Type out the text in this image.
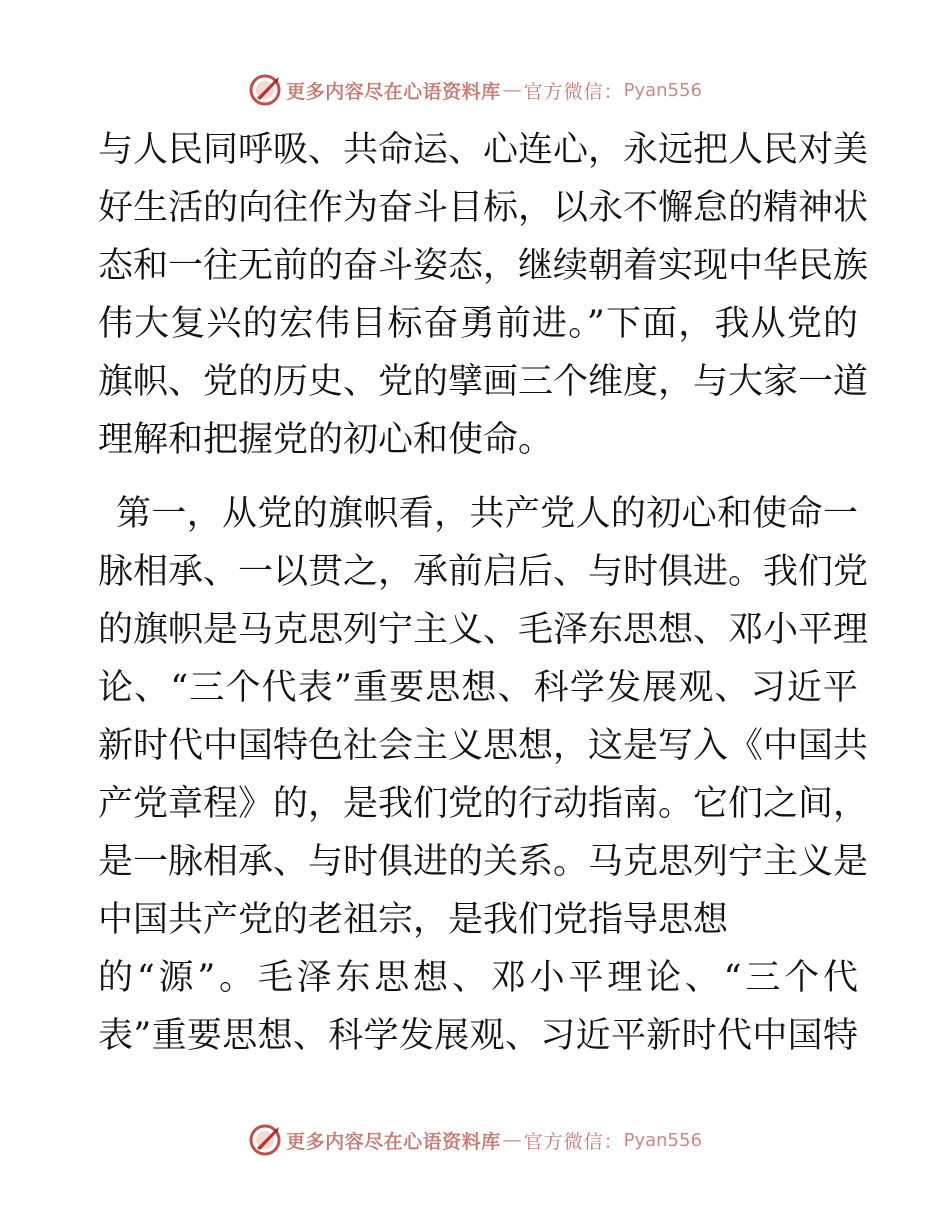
更多内容尽在心语资料库 — 官方微信： Pyan556
与人民同呼吸、共命运、心连心，永远把人民对美
好生活的向往作为奋斗目标，以永不懈怠的精神状
态和一往无前的奋斗姿态，继续朝着实现中华民族
伟大复兴的宏伟目标奋勇前进。”下面，我从党的
旗帜、党的历史、党的擘画三个维度，与大家一道
理解和把握党的初心和使命。
第一，从党的旗帜看，共产党人的初心和使命一
脉相承、一以贯之，承前启后、与时俱进。我们党
的旗帜是马克思列宁主义、毛泽东思想、邓小平理
论、“三个代表”重要思想、科学发展观、习近平
新时代中国特色社会主义思想，这是写入《中国共
产党章程》的，是我们党的行动指南。它们之间，
是一脉相承、与时俱进的关系。马克思列宁主义是
中国共产党的老祖宗，是我们党指导思想
的“源”。毛泽东思想、邓小平理论、“三个代
表”重要思想、科学发展观、习近平新时代中国特
更多内容尽在心语资料库 — 官方微信： Pyan556
